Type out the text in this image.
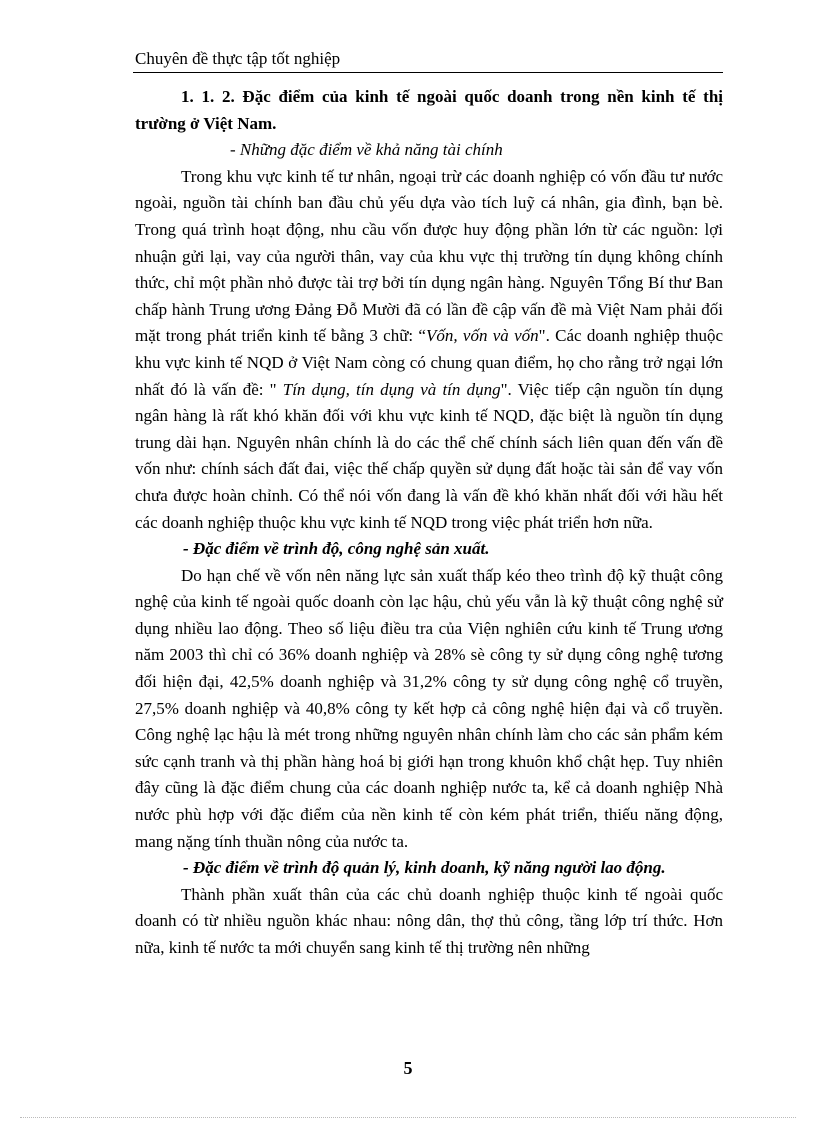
Chuyên đề thực tập tốt nghiệp

1. 1. 2. Đặc điểm của kinh tế ngoài quốc doanh trong nền kinh tế thị trường ở Việt Nam.

- Những đặc điểm về khả năng tài chính

Trong khu vực kinh tế tư nhân, ngoại trừ các doanh nghiệp có vốn đầu tư nước ngoài, nguồn tài chính ban đầu chủ yếu dựa vào tích luỹ cá nhân, gia đình, bạn bè. Trong quá trình hoạt động, nhu cầu vốn được huy động phần lớn từ các nguồn: lợi nhuận gửi lại, vay của người thân, vay của khu vực thị trường tín dụng không chính thức, chỉ một phần nhỏ được tài trợ bởi tín dụng ngân hàng. Nguyên Tổng Bí thư Ban chấp hành Trung ương Đảng Đỗ Mười đã có lần đề cập vấn đề mà Việt Nam phải đối mặt trong phát triển kinh tế bằng 3 chữ: “Vốn, vốn và vốn". Các doanh nghiệp thuộc khu vực kinh tế NQD ở Việt Nam còng có chung quan điểm, họ cho rằng trở ngại lớn nhất đó là vấn đề: " Tín dụng, tín dụng và tín dụng". Việc tiếp cận nguồn tín dụng ngân hàng là rất khó khăn đối với khu vực kinh tế NQD, đặc biệt là nguồn tín dụng trung dài hạn. Nguyên nhân chính là do các thể chế chính sách liên quan đến vấn đề vốn như: chính sách đất đai, việc thế chấp quyền sử dụng đất hoặc tài sản để vay vốn chưa được hoàn chỉnh. Có thể nói vốn đang là vấn đề khó khăn nhất đối với hầu hết các doanh nghiệp thuộc khu vực kinh tế NQD trong việc phát triển hơn nữa.

- Đặc điểm về trình độ, công nghệ sản xuất.

Do hạn chế về vốn nên năng lực sản xuất thấp kéo theo trình độ kỹ thuật công nghệ của kinh tế ngoài quốc doanh còn lạc hậu, chủ yếu vẫn là kỹ thuật công nghệ sử dụng nhiều lao động. Theo số liệu điều tra của Viện nghiên cứu kinh tế Trung ương năm 2003 thì chỉ có 36% doanh nghiệp và 28% sè công ty sử dụng công nghệ tương đối hiện đại, 42,5% doanh nghiệp và 31,2% công ty sử dụng công nghệ cổ truyền, 27,5% doanh nghiệp và 40,8% công ty kết hợp cả công nghệ hiện đại và cổ truyền. Công nghệ lạc hậu là mét trong những nguyên nhân chính làm cho các sản phẩm kém sức cạnh tranh và thị phần hàng hoá bị giới hạn trong khuôn khổ chật hẹp. Tuy nhiên đây cũng là đặc điểm chung của các doanh nghiệp nước ta, kể cả doanh nghiệp Nhà nước phù hợp với đặc điểm của nền kinh tế còn kém phát triển, thiếu năng động, mang nặng tính thuần nông của nước ta.

- Đặc điểm về trình độ quản lý, kinh doanh, kỹ năng người lao động.

Thành phần xuất thân của các chủ doanh nghiệp thuộc kinh tế ngoài quốc doanh có từ nhiều nguồn khác nhau: nông dân, thợ thủ công, tầng lớp trí thức. Hơn nữa, kinh tế nước ta mới chuyển sang kinh tế thị trường nên những

5
